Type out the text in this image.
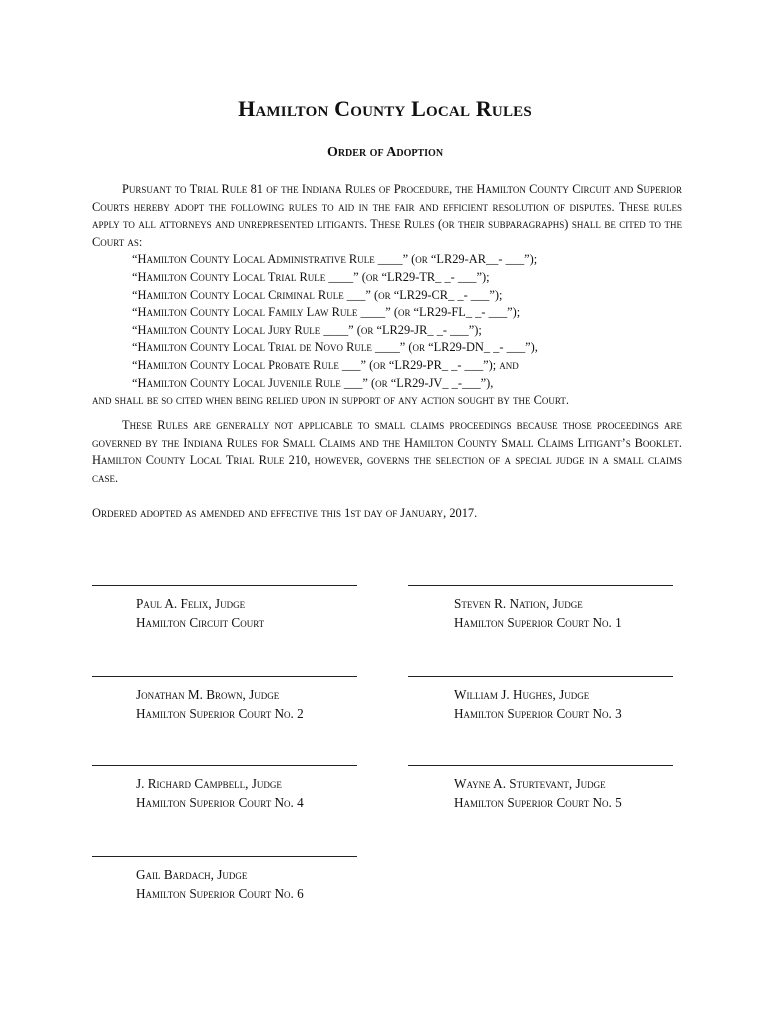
Hamilton County Local Rules
Order of Adoption
Pursuant to Trial Rule 81 of the Indiana Rules of Procedure, the Hamilton County Circuit and Superior Courts hereby adopt the following rules to aid in the fair and efficient resolution of disputes. These rules apply to all attorneys and unrepresented litigants. These Rules (or their subparagraphs) shall be cited to the Court as:
“Hamilton County Local Administrative Rule ____” (or “LR29-AR__- ___”);
“Hamilton County Local Trial Rule ____” (or “LR29-TR_ _- ___”);
“Hamilton County Local Criminal Rule ___” (or “LR29-CR_ _- ___”);
“Hamilton County Local Family Law Rule ____” (or “LR29-FL_ _- ___”);
“Hamilton County Local Jury Rule ____” (or “LR29-JR_ _- ___”);
“Hamilton County Local Trial de Novo Rule ____” (or “LR29-DN_ _- ___”),
“Hamilton County Local Probate Rule ___” (or “LR29-PR_ _- ___”); and
“Hamilton County Local Juvenile Rule ___” (or “LR29-JV_ _-___”),
and shall be so cited when being relied upon in support of any action sought by the Court.
These Rules are generally not applicable to small claims proceedings because those proceedings are governed by the Indiana Rules for Small Claims and the Hamilton County Small Claims Litigant’s Booklet. Hamilton County Local Trial Rule 210, however, governs the selection of a special judge in a small claims case.
Ordered adopted as amended and effective this 1st day of January, 2017.
Paul A. Felix, Judge
Hamilton Circuit Court
Steven R. Nation, Judge
Hamilton Superior Court No. 1
Jonathan M. Brown, Judge
Hamilton Superior Court No. 2
William J. Hughes, Judge
Hamilton Superior Court No. 3
J. Richard Campbell, Judge
Hamilton Superior Court No. 4
Wayne A. Sturtevant, Judge
Hamilton Superior Court No. 5
Gail Bardach, Judge
Hamilton Superior Court No. 6
